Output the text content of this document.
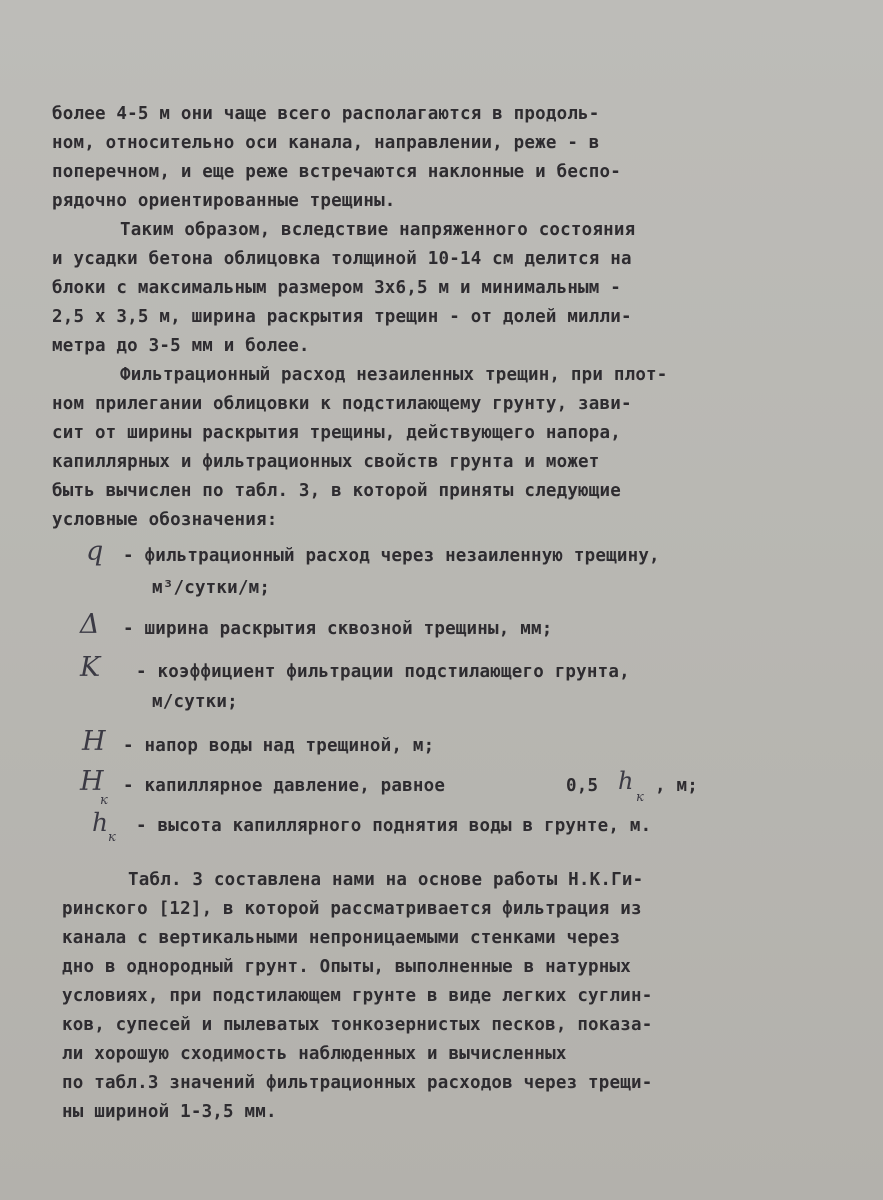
более 4-5 м они чаще всего располагаются в продоль-
ном, относительно оси канала, направлении, реже - в
поперечном, и еще реже встречаются наклонные и беспо-
рядочно ориентированные трещины.
Таким образом, вследствие напряженного состояния
и усадки бетона облицовка толщиной 10-14 см делится на
блоки с максимальным размером 3х6,5 м и минимальным -
2,5 х 3,5 м, ширина раскрытия трещин - от долей милли-
метра до 3-5 мм и более.
Фильтрационный расход незаиленных трещин, при плот-
ном прилегании облицовки к подстилающему грунту, зави-
сит от ширины раскрытия трещины, действующего напора,
капиллярных и фильтрационных свойств грунта и может
быть вычислен по табл. 3, в которой приняты следующие
условные обозначения:
q - фильтрационный расход через незаиленную трещину,
м³/сутки/м;
Δ - ширина раскрытия сквозной трещины, мм;
K - коэффициент фильтрации подстилающего грунта,
м/сутки;
H - напор воды над трещиной, м;
H
к
- капиллярное давление, равное	0,5 h
к
, м;
h
к
- высота капиллярного поднятия воды в грунте, м.
Табл. 3 составлена нами на основе работы Н.К.Ги-
ринского [12], в которой рассматривается фильтрация из
канала с вертикальными непроницаемыми стенками через
дно в однородный грунт. Опыты, выполненные в натурных
условиях, при подстилающем грунте в виде легких суглин-
ков, супесей и пылеватых тонкозернистых песков, показа-
ли хорошую сходимость наблюденных и вычисленных
по табл.3 значений фильтрационных расходов через трещи-
ны шириной 1-3,5 мм.
